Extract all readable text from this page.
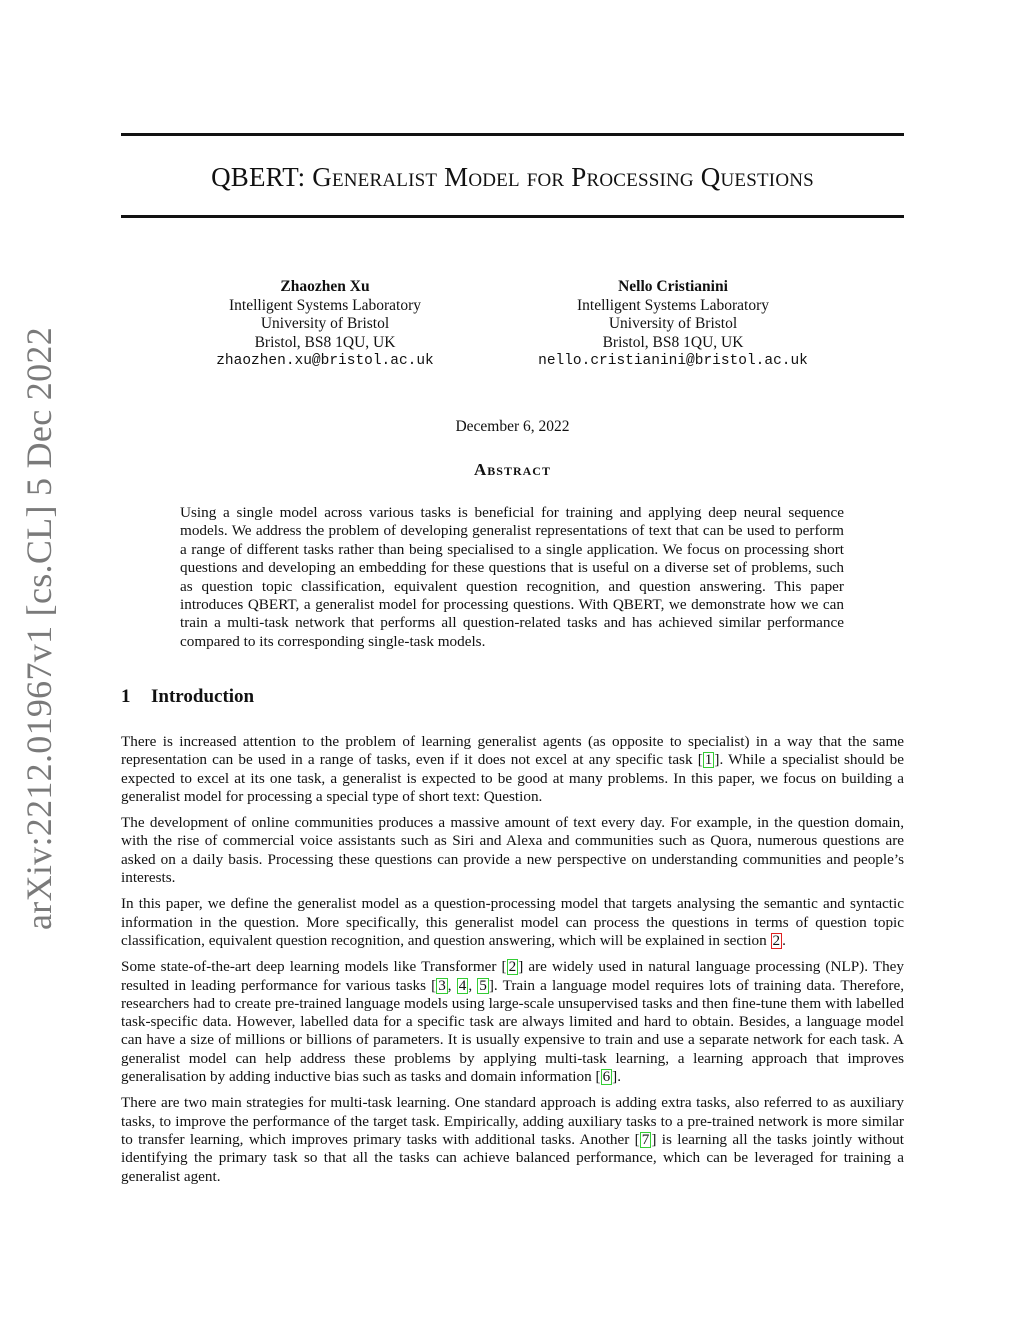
arXiv:2212.01967v1 [cs.CL] 5 Dec 2022
QBERT: Generalist Model for Processing Questions
Zhaozhen Xu
Intelligent Systems Laboratory
University of Bristol
Bristol, BS8 1QU, UK
zhaozhen.xu@bristol.ac.uk
Nello Cristianini
Intelligent Systems Laboratory
University of Bristol
Bristol, BS8 1QU, UK
nello.cristianini@bristol.ac.uk
December 6, 2022
Abstract
Using a single model across various tasks is beneficial for training and applying deep neural sequence models. We address the problem of developing generalist representations of text that can be used to perform a range of different tasks rather than being specialised to a single application. We focus on processing short questions and developing an embedding for these questions that is useful on a diverse set of problems, such as question topic classification, equivalent question recognition, and question answering. This paper introduces QBERT, a generalist model for processing questions. With QBERT, we demonstrate how we can train a multi-task network that performs all question-related tasks and has achieved similar performance compared to its corresponding single-task models.
1 Introduction

There is increased attention to the problem of learning generalist agents (as opposite to specialist) in a way that the same representation can be used in a range of tasks, even if it does not excel at any specific task [ 1 ]. While a specialist should be expected to excel at its one task, a generalist is expected to be good at many problems. In this paper, we focus on building a generalist model for processing a special type of short text: Question.

The development of online communities produces a massive amount of text every day. For example, in the question domain, with the rise of commercial voice assistants such as Siri and Alexa and communities such as Quora, numerous questions are asked on a daily basis. Processing these questions can provide a new perspective on understanding communities and people’s interests.

In this paper, we define the generalist model as a question-processing model that targets analysing the semantic and syntactic information in the question. More specifically, this generalist model can process the questions in terms of question topic classification, equivalent question recognition, and question answering, which will be explained in section 2 .

Some state-of-the-art deep learning models like Transformer [ 2 ] are widely used in natural language processing (NLP). They resulted in leading performance for various tasks [ 3 , 4 , 5 ]. Train a language model requires lots of training data. Therefore, researchers had to create pre-trained language models using large-scale unsupervised tasks and then fine-tune them with labelled task-specific data. However, labelled data for a specific task are always limited and hard to obtain. Besides, a language model can have a size of millions or billions of parameters. It is usually expensive to train and use a separate network for each task. A generalist model can help address these problems by applying multi-task learning, a learning approach that improves generalisation by adding inductive bias such as tasks and domain information [ 6 ].

There are two main strategies for multi-task learning. One standard approach is adding extra tasks, also referred to as auxiliary tasks, to improve the performance of the target task. Empirically, adding auxiliary tasks to a pre-trained network is more similar to transfer learning, which improves primary tasks with additional tasks. Another [ 7 ] is learning all the tasks jointly without identifying the primary task so that all the tasks can achieve balanced performance, which can be leveraged for training a generalist agent.
